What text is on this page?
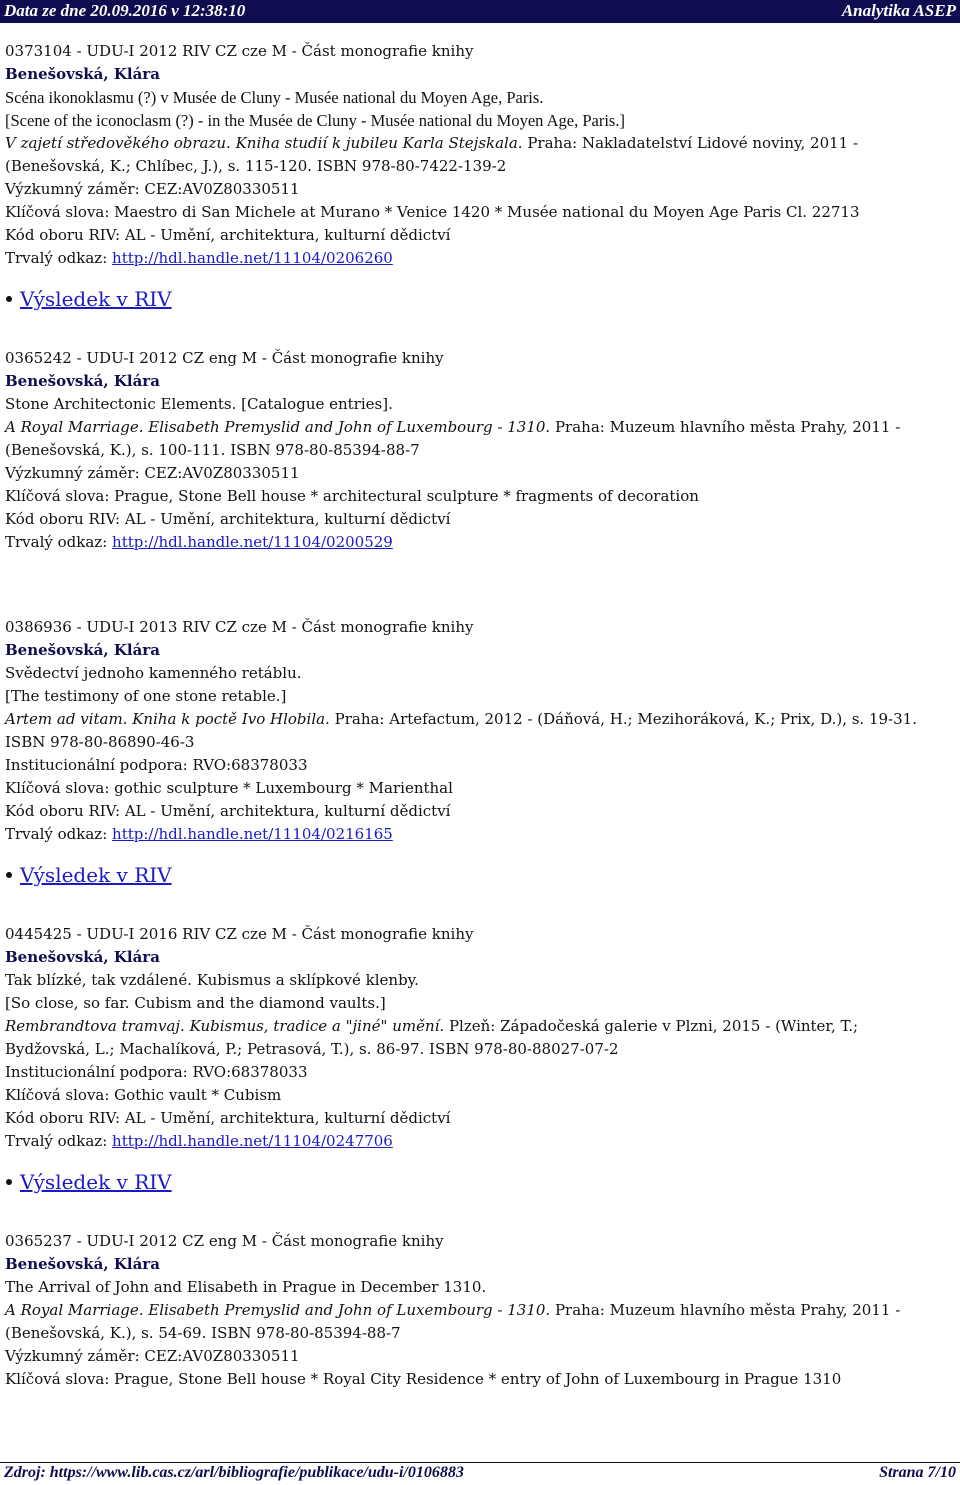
Data ze dne 20.09.2016 v 12:38:10	Analytika ASEP
0373104 - UDU-I 2012 RIV CZ cze M - Část monografie knihy
Benešovská, Klára
Scéna ikonoklasmu (?) v Musée de Cluny - Musée national du Moyen Age, Paris.
[Scene of the iconoclasm (?) - in the Musée de Cluny - Musée national du Moyen Age, Paris.]
V zajetí středověkého obrazu. Kniha studií k jubileu Karla Stejskala. Praha: Nakladatelství Lidové noviny, 2011 -
(Benešovská, K.; Chlíbec, J.), s. 115-120. ISBN 978-80-7422-139-2
Výzkumný záměr: CEZ:AV0Z80330511
Klíčová slova: Maestro di San Michele at Murano * Venice 1420 * Musée national du Moyen Age Paris Cl. 22713
Kód oboru RIV: AL - Umění, architektura, kulturní dědictví
Trvalý odkaz: http://hdl.handle.net/11104/0206260
Výsledek v RIV
0365242 - UDU-I 2012 CZ eng M - Část monografie knihy
Benešovská, Klára
Stone Architectonic Elements. [Catalogue entries].
A Royal Marriage. Elisabeth Premyslid and John of Luxembourg - 1310. Praha: Muzeum hlavního města Prahy, 2011 -
(Benešovská, K.), s. 100-111. ISBN 978-80-85394-88-7
Výzkumný záměr: CEZ:AV0Z80330511
Klíčová slova: Prague, Stone Bell house * architectural sculpture * fragments of decoration
Kód oboru RIV: AL - Umění, architektura, kulturní dědictví
Trvalý odkaz: http://hdl.handle.net/11104/0200529
0386936 - UDU-I 2013 RIV CZ cze M - Část monografie knihy
Benešovská, Klára
Svědectví jednoho kamenného retáblu.
[The testimony of one stone retable.]
Artem ad vitam. Kniha k poctě Ivo Hlobila. Praha: Artefactum, 2012 - (Dáňová, H.; Mezihoráková, K.; Prix, D.), s. 19-31.
ISBN 978-80-86890-46-3
Institucionální podpora: RVO:68378033
Klíčová slova: gothic sculpture * Luxembourg * Marienthal
Kód oboru RIV: AL - Umění, architektura, kulturní dědictví
Trvalý odkaz: http://hdl.handle.net/11104/0216165
Výsledek v RIV
0445425 - UDU-I 2016 RIV CZ cze M - Část monografie knihy
Benešovská, Klára
Tak blízké, tak vzdálené. Kubismus a sklípkové klenby.
[So close, so far. Cubism and the diamond vaults.]
Rembrandtova tramvaj. Kubismus, tradice a "jiné" umění. Plzeň: Západočeská galerie v Plzni, 2015 - (Winter, T.;
Bydžovská, L.; Machalíková, P.; Petrasová, T.), s. 86-97. ISBN 978-80-88027-07-2
Institucionální podpora: RVO:68378033
Klíčová slova: Gothic vault * Cubism
Kód oboru RIV: AL - Umění, architektura, kulturní dědictví
Trvalý odkaz: http://hdl.handle.net/11104/0247706
Výsledek v RIV
0365237 - UDU-I 2012 CZ eng M - Část monografie knihy
Benešovská, Klára
The Arrival of John and Elisabeth in Prague in December 1310.
A Royal Marriage. Elisabeth Premyslid and John of Luxembourg - 1310. Praha: Muzeum hlavního města Prahy, 2011 -
(Benešovská, K.), s. 54-69. ISBN 978-80-85394-88-7
Výzkumný záměr: CEZ:AV0Z80330511
Klíčová slova: Prague, Stone Bell house * Royal City Residence * entry of John of Luxembourg in Prague 1310
Zdroj: https://www.lib.cas.cz/arl/bibliografie/publikace/udu-i/0106883	Strana 7/10
